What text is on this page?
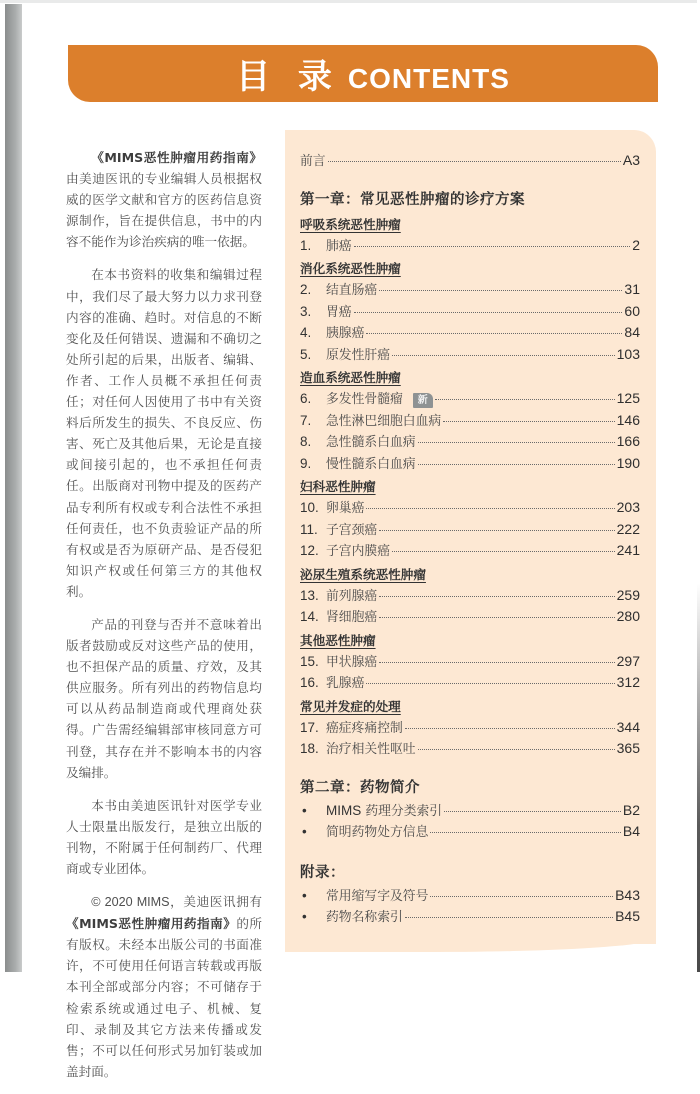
目 录 CONTENTS

《MIMS恶性肿瘤用药指南》由美迪医讯的专业编辑人员根据权威的医学文献和官方的医药信息资源制作，旨在提供信息，书中的内容不能作为诊治疾病的唯一依据。

在本书资料的收集和编辑过程中，我们尽了最大努力以力求刊登内容的准确、趋时。对信息的不断变化及任何错误、遗漏和不确切之处所引起的后果，出版者、编辑、作者、工作人员概不承担任何责任；对任何人因使用了书中有关资料后所发生的损失、不良反应、伤害、死亡及其他后果，无论是直接或间接引起的，也不承担任何责任。出版商对刊物中提及的医药产品专利所有权或专利合法性不承担任何责任，也不负责验证产品的所有权或是否为原研产品、是否侵犯知识产权或任何第三方的其他权利。

产品的刊登与否并不意味着出版者鼓励或反对这些产品的使用，也不担保产品的质量、疗效，及其供应服务。所有列出的药物信息均可以从药品制造商或代理商处获得。广告需经编辑部审核同意方可刊登，其存在并不影响本书的内容及编排。

本书由美迪医讯针对医学专业人士限量出版发行，是独立出版的刊物，不附属于任何制药厂、代理商或专业团体。

© 2020 MIMS，美迪医讯拥有《MIMS恶性肿瘤用药指南》的所有版权。未经本出版公司的书面准许，不可使用任何语言转载或再版本刊全部或部分内容；不可储存于检索系统或通过电子、机械、复印、录制及其它方法来传播或发售；不可以任何形式另加钉装或加盖封面。

前言	A3
第一章：常见恶性肿瘤的诊疗方案
呼吸系统恶性肿瘤
1.	肺癌	2
消化系统恶性肿瘤
2.	结直肠癌	31
3.	胃癌	60
4.	胰腺癌	84
5.	原发性肝癌	103
造血系统恶性肿瘤
6.	多发性骨髓瘤	新	125
7.	急性淋巴细胞白血病	146
8.	急性髓系白血病	166
9.	慢性髓系白血病	190
妇科恶性肿瘤
10. 卵巢癌	203
11. 子宫颈癌	222
12. 子宫内膜癌	241
泌尿生殖系统恶性肿瘤
13. 前列腺癌	259
14. 肾细胞癌	280
其他恶性肿瘤
15. 甲状腺癌	297
16. 乳腺癌	312
常见并发症的处理
17. 癌症疼痛控制	344
18. 治疗相关性呕吐	365
第二章：药物简介
•	MIMS 药理分类索引	B2
•	简明药物处方信息	B4
附录：
•	常用缩写字及符号	B43
•	药物名称索引	B45
